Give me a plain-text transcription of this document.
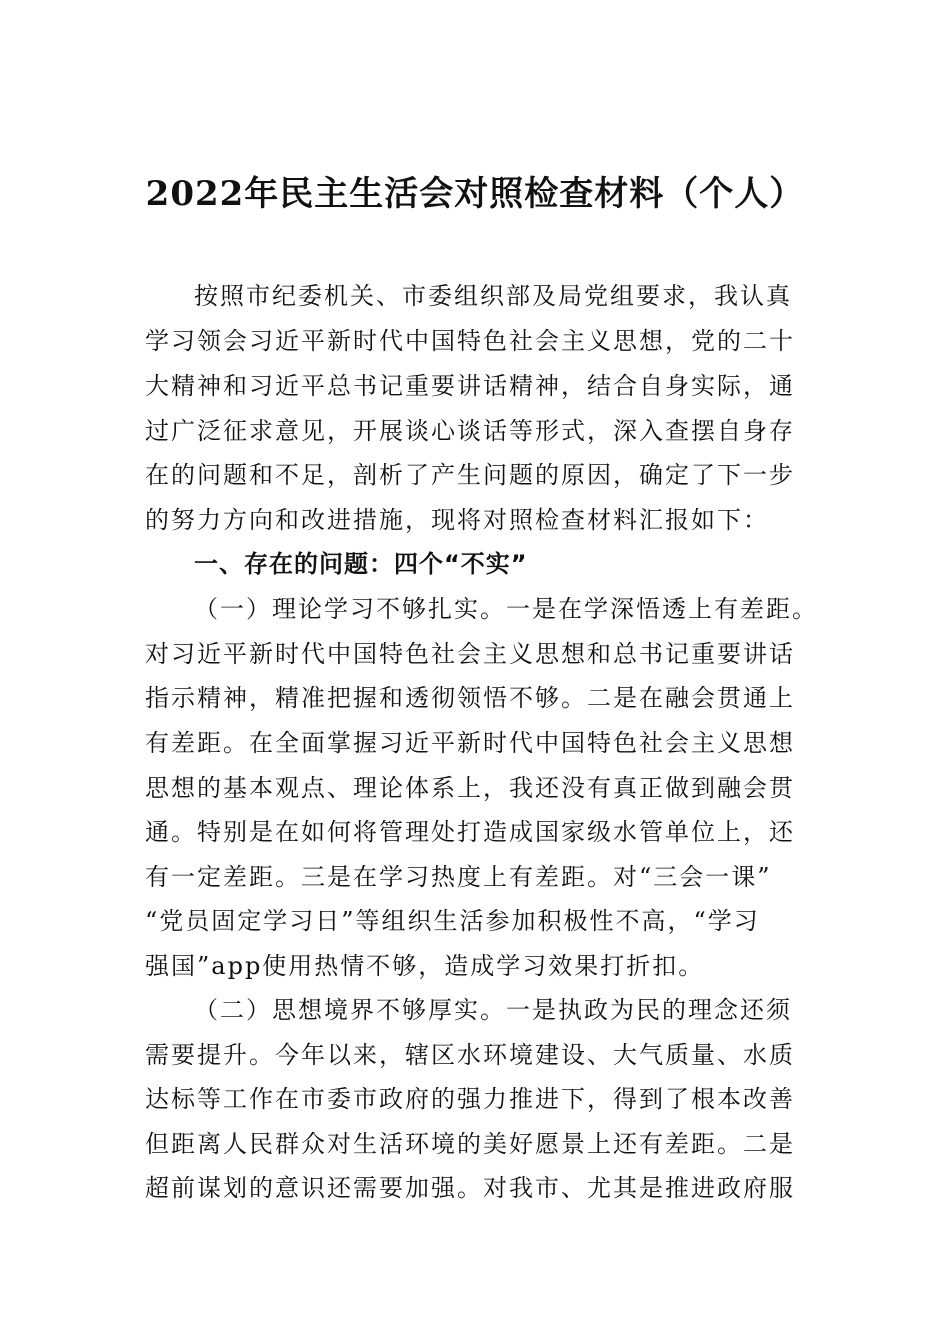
2022年民主生活会对照检查材料（个人）
按照市纪委机关、市委组织部及局党组要求，我认真
学习领会习近平新时代中国特色社会主义思想，党的二十
大精神和习近平总书记重要讲话精神，结合自身实际，通
过广泛征求意见，开展谈心谈话等形式，深入查摆自身存
在的问题和不足，剖析了产生问题的原因，确定了下一步
的努力方向和改进措施，现将对照检查材料汇报如下：
一、存在的问题：四个“不实”
（一）理论学习不够扎实。一是在学深悟透上有差距。
对习近平新时代中国特色社会主义思想和总书记重要讲话
指示精神，精准把握和透彻领悟不够。二是在融会贯通上
有差距。在全面掌握习近平新时代中国特色社会主义思想
思想的基本观点、理论体系上，我还没有真正做到融会贯
通。特别是在如何将管理处打造成国家级水管单位上，还
有一定差距。三是在学习热度上有差距。对“三会一课”
“党员固定学习日”等组织生活参加积极性不高，“学习
强国”app使用热情不够，造成学习效果打折扣。
（二）思想境界不够厚实。一是执政为民的理念还须
需要提升。今年以来，辖区水环境建设、大气质量、水质
达标等工作在市委市政府的强力推进下，得到了根本改善
但距离人民群众对生活环境的美好愿景上还有差距。二是
超前谋划的意识还需要加强。对我市、尤其是推进政府服
